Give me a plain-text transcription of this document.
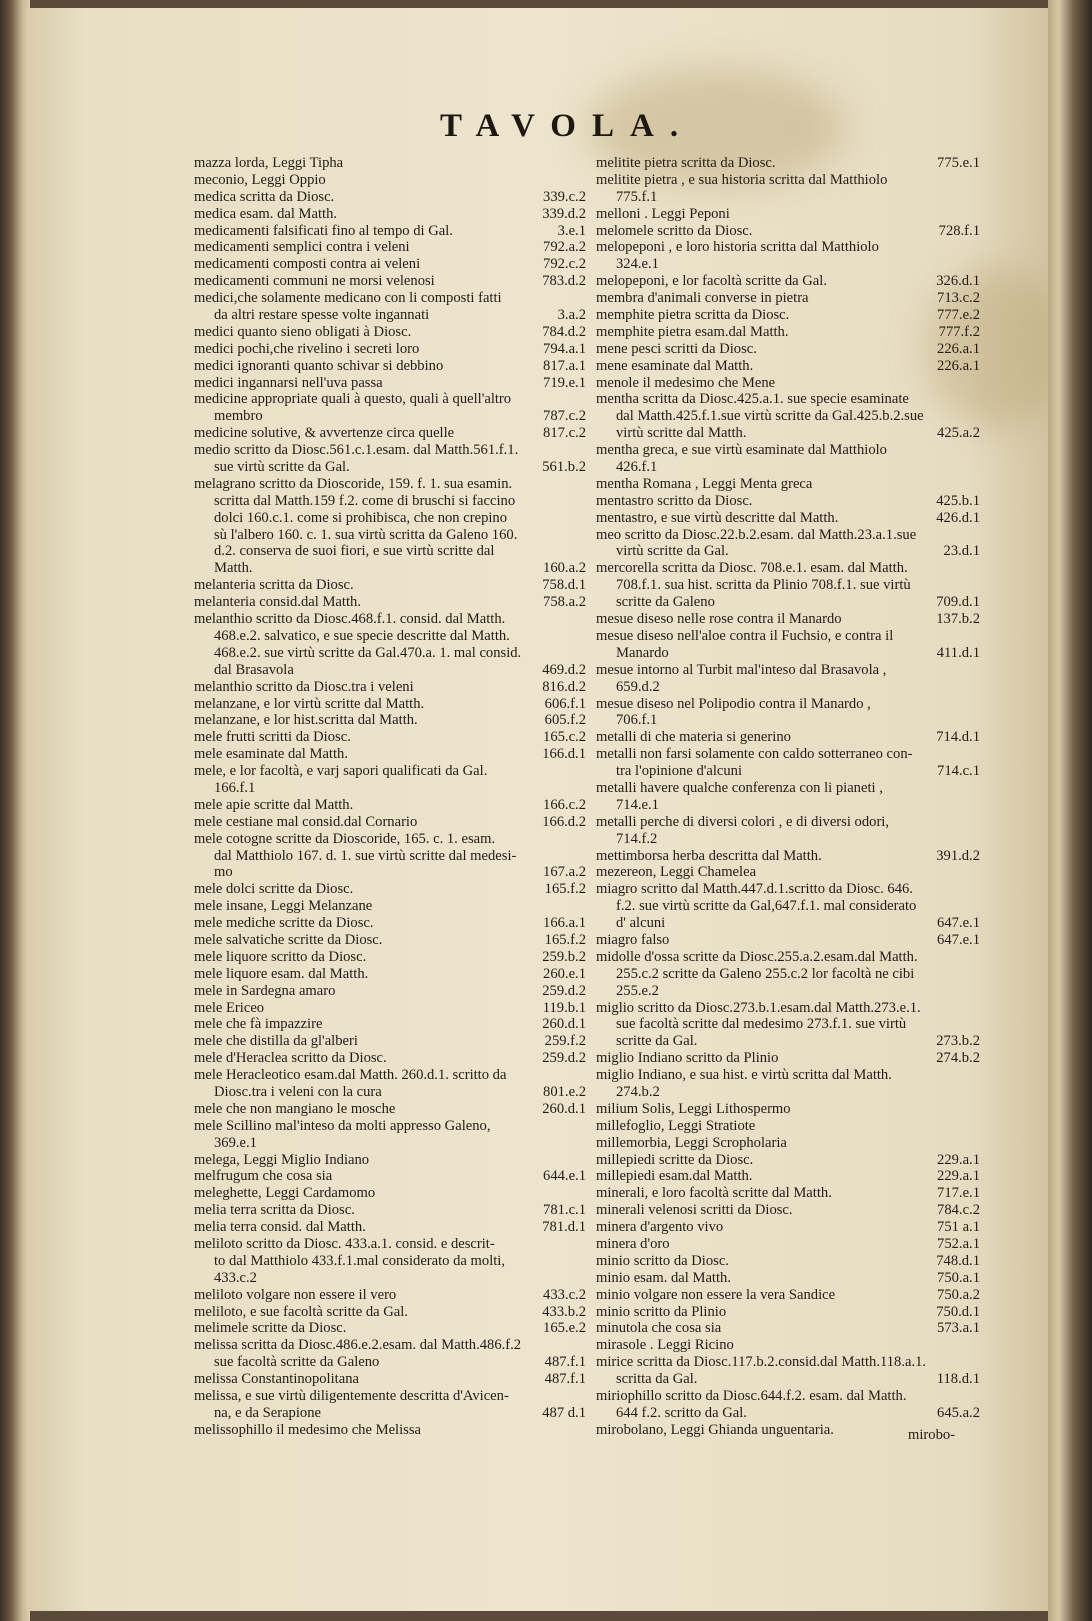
TAVOLA.
mazza lorda, Leggi Tipha
meconio, Leggi Oppio
medica scritta da Diosc.	339.c.2
medica esam. dal Matth.	339.d.2
medicamenti falsificati fino al tempo di Gal.	3.e.1
medicamenti semplici contra i veleni	792.a.2
medicamenti composti contra ai veleni	792.c.2
medicamenti communi ne morsi velenosi	783.d.2
medici,che solamente medicano con li composti fatti
da altri restare spesse volte ingannati	3.a.2
medici quanto sieno obligati à Diosc.	784.d.2
medici pochi,che rivelino i secreti loro	794.a.1
medici ignoranti quanto schivar si debbino	817.a.1
medici ingannarsi nell'uva passa	719.e.1
medicine appropriate quali à questo, quali à quell'altro
membro	787.c.2
medicine solutive, & avvertenze circa quelle	817.c.2
medio scritto da Diosc.561.c.1.esam. dal Matth.561.f.1.
sue virtù scritte da Gal.	561.b.2
melagrano scritto da Dioscoride, 159. f. 1. sua esamin.
scritta dal Matth.159 f.2. come di bruschi si faccino
dolci 160.c.1. come si prohibisca, che non crepino
sù l'albero 160. c. 1. sua virtù scritta da Galeno 160.
d.2. conserva de suoi fiori, e sue virtù scritte dal
Matth.	160.a.2
melanteria scritta da Diosc.	758.d.1
melanteria consid.dal Matth.	758.a.2
melanthio scritto da Diosc.468.f.1. consid. dal Matth.
468.e.2. salvatico, e sue specie descritte dal Matth.
468.e.2. sue virtù scritte da Gal.470.a. 1. mal consid.
dal Brasavola	469.d.2
melanthio scritto da Diosc.tra i veleni	816.d.2
melanzane, e lor virtù scritte dal Matth.	606.f.1
melanzane, e lor hist.scritta dal Matth.	605.f.2
mele frutti scritti da Diosc.	165.c.2
mele esaminate dal Matth.	166.d.1
mele, e lor facoltà, e varj sapori qualificati da Gal.
166.f.1
mele apie scritte dal Matth.	166.c.2
mele cestiane mal consid.dal Cornario	166.d.2
mele cotogne scritte da Dioscoride, 165. c. 1. esam.
dal Matthiolo 167. d. 1. sue virtù scritte dal medesi-
mo	167.a.2
mele dolci scritte da Diosc.	165.f.2
mele insane, Leggi Melanzane
mele mediche scritte da Diosc.	166.a.1
mele salvatiche scritte da Diosc.	165.f.2
mele liquore scritto da Diosc.	259.b.2
mele liquore esam. dal Matth.	260.e.1
mele in Sardegna amaro	259.d.2
mele Ericeo	119.b.1
mele che fà impazzire	260.d.1
mele che distilla da gl'alberi	259.f.2
mele d'Heraclea scritto da Diosc.	259.d.2
mele Heracleotico esam.dal Matth. 260.d.1. scritto da
Diosc.tra i veleni con la cura	801.e.2
mele che non mangiano le mosche	260.d.1
mele Scillino mal'inteso da molti appresso Galeno,
369.e.1
melega, Leggi Miglio Indiano
melfrugum che cosa sia	644.e.1
meleghette, Leggi Cardamomo
melia terra scritta da Diosc.	781.c.1
melia terra consid. dal Matth.	781.d.1
meliloto scritto da Diosc. 433.a.1. consid. e descrit-
to dal Matthiolo 433.f.1.mal considerato da molti,
433.c.2
meliloto volgare non essere il vero	433.c.2
meliloto, e sue facoltà scritte da Gal.	433.b.2
melimele scritte da Diosc.	165.e.2
melissa scritta da Diosc.486.e.2.esam. dal Matth.486.f.2
sue facoltà scritte da Galeno	487.f.1
melissa Constantinopolitana	487.f.1
melissa, e sue virtù diligentemente descritta d'Avicen-
na, e da Serapione	487 d.1
melissophillo il medesimo che Melissa
melitite pietra scritta da Diosc.	775.e.1
melitite pietra , e sua historia scritta dal Matthiolo
775.f.1
melloni . Leggi Peponi
melomele scritto da Diosc.	728.f.1
melopeponi , e loro historia scritta dal Matthiolo
324.e.1
melopeponi, e lor facoltà scritte da Gal.	326.d.1
membra d'animali converse in pietra	713.c.2
memphite pietra scritta da Diosc.	777.e.2
memphite pietra esam.dal Matth.	777.f.2
mene pesci scritti da Diosc.	226.a.1
mene esaminate dal Matth.	226.a.1
menole il medesimo che Mene
mentha scritta da Diosc.425.a.1. sue specie esaminate
dal Matth.425.f.1.sue virtù scritte da Gal.425.b.2.sue
virtù scritte dal Matth.	425.a.2
mentha greca, e sue virtù esaminate dal Matthiolo
426.f.1
mentha Romana , Leggi Menta greca
mentastro scritto da Diosc.	425.b.1
mentastro, e sue virtù descritte dal Matth.	426.d.1
meo scritto da Diosc.22.b.2.esam. dal Matth.23.a.1.sue
virtù scritte da Gal.	23.d.1
mercorella scritta da Diosc. 708.e.1. esam. dal Matth.
708.f.1. sua hist. scritta da Plinio 708.f.1. sue virtù
scritte da Galeno	709.d.1
mesue diseso nelle rose contra il Manardo	137.b.2
mesue diseso nell'aloe contra il Fuchsio, e contra il
Manardo	411.d.1
mesue intorno al Turbit mal'inteso dal Brasavola ,
659.d.2
mesue diseso nel Polipodio contra il Manardo ,
706.f.1
metalli di che materia si generino	714.d.1
metalli non farsi solamente con caldo sotterraneo con-
tra l'opinione d'alcuni	714.c.1
metalli havere qualche conferenza con li pianeti ,
714.e.1
metalli perche di diversi colori , e di diversi odori,
714.f.2
mettimborsa herba descritta dal Matth.	391.d.2
mezereon, Leggi Chamelea
miagro scritto dal Matth.447.d.1.scritto da Diosc. 646.
f.2. sue virtù scritte da Gal,647.f.1. mal considerato
d' alcuni	647.e.1
miagro falso	647.e.1
midolle d'ossa scritte da Diosc.255.a.2.esam.dal Matth.
255.c.2 scritte da Galeno 255.c.2 lor facoltà ne cibi
255.e.2
miglio scritto da Diosc.273.b.1.esam.dal Matth.273.e.1.
sue facoltà scritte dal medesimo 273.f.1. sue virtù
scritte da Gal.	273.b.2
miglio Indiano scritto da Plinio	274.b.2
miglio Indiano, e sua hist. e virtù scritta dal Matth.
274.b.2
milium Solis, Leggi Lithospermo
millefoglio, Leggi Stratiote
millemorbia, Leggi Scropholaria
millepiedi scritte da Diosc.	229.a.1
millepiedi esam.dal Matth.	229.a.1
minerali, e loro facoltà scritte dal Matth.	717.e.1
minerali velenosi scritti da Diosc.	784.c.2
minera d'argento vivo	751 a.1
minera d'oro	752.a.1
minio scritto da Diosc.	748.d.1
minio esam. dal Matth.	750.a.1
minio volgare non essere la vera Sandice	750.a.2
minio scritto da Plinio	750.d.1
minutola che cosa sia	573.a.1
mirasole . Leggi Ricino
mirice scritta da Diosc.117.b.2.consid.dal Matth.118.a.1.
scritta da Gal.	118.d.1
miriophillo scritto da Diosc.644.f.2. esam. dal Matth.
644 f.2. scritto da Gal.	645.a.2
mirobolano, Leggi Ghianda unguentaria.	mirobo-
